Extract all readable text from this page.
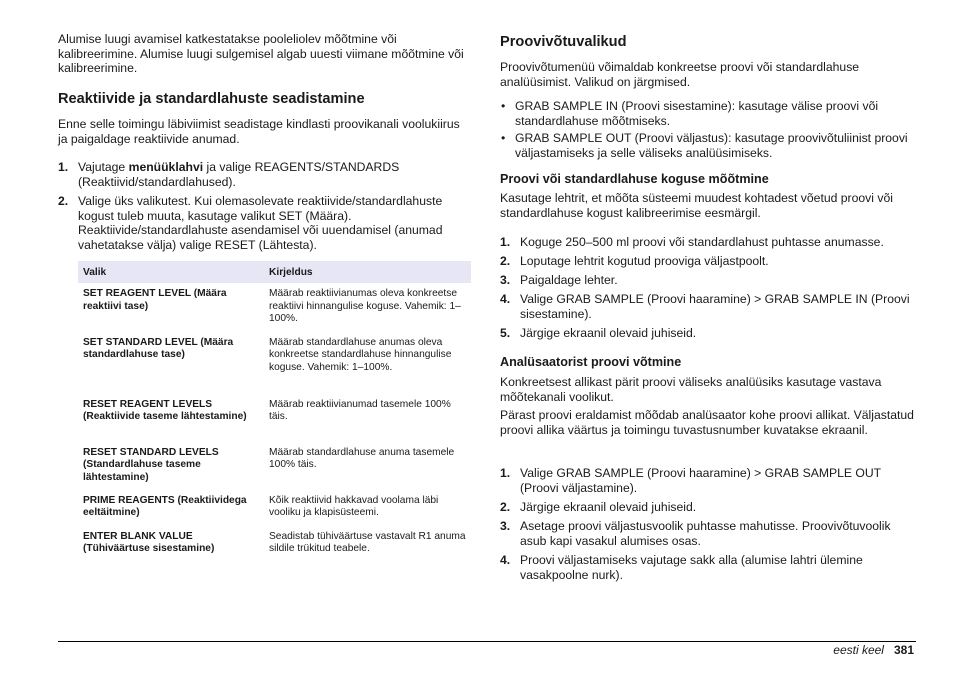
Alumise luugi avamisel katkestatakse pooleliolev mõõtmine või kalibreerimine. Alumise luugi sulgemisel algab uuesti viimane mõõtmine või kalibreerimine.

Reaktiivide ja standardlahuste seadistamine

Enne selle toimingu läbiviimist seadistage kindlasti proovikanali voolukiirus ja paigaldage reaktiivide anumad.

1. Vajutage menüüklahvi ja valige REAGENTS/STANDARDS (Reaktiivid/standardlahused).
2. Valige üks valikutest. Kui olemasolevate reaktiivide/standardlahuste kogust tuleb muuta, kasutage valikut SET (Määra). Reaktiivide/standardlahuste asendamisel või uuendamisel (anumad vahetatakse välja) valige RESET (Lähtesta).
Valik	Kirjeldus
SET REAGENT LEVEL (Määra reaktiivi tase)	Määrab reaktiivianumas oleva konkreetse reaktiivi hinnangulise koguse. Vahemik: 1–100%.
SET STANDARD LEVEL (Määra standardlahuse tase)	Määrab standardlahuse anumas oleva konkreetse standardlahuse hinnangulise koguse. Vahemik: 1–100%.
RESET REAGENT LEVELS (Reaktiivide taseme lähtestamine)	Määrab reaktiivianumad tasemele 100% täis.
RESET STANDARD LEVELS (Standardlahuse taseme lähtestamine)	Määrab standardlahuse anuma tasemele 100% täis.
PRIME REAGENTS (Reaktiividega eeltäitmine)	Kõik reaktiivid hakkavad voolama läbi vooliku ja klapisüsteemi.
ENTER BLANK VALUE (Tühiväärtuse sisestamine)	Seadistab tühiväärtuse vastavalt R1 anuma sildile trükitud teabele.
Proovivõtuvalikud

Proovivõtumenüü võimaldab konkreetse proovi või standardlahuse analüüsimist. Valikud on järgmised.

• GRAB SAMPLE IN (Proovi sisestamine): kasutage välise proovi või standardlahuse mõõtmiseks.
• GRAB SAMPLE OUT (Proovi väljastus): kasutage proovivõtuliinist proovi väljastamiseks ja selle väliseks analüüsimiseks.
Proovi või standardlahuse koguse mõõtmine

Kasutage lehtrit, et mõõta süsteemi muudest kohtadest võetud proovi või standardlahuse kogust kalibreerimise eesmärgil.

1. Koguge 250–500 ml proovi või standardlahust puhtasse anumasse.
2. Loputage lehtrit kogutud prooviga väljastpoolt.
3. Paigaldage lehter.
4. Valige GRAB SAMPLE (Proovi haaramine) > GRAB SAMPLE IN (Proovi sisestamine).
5. Järgige ekraanil olevaid juhiseid.
Analüsaatorist proovi võtmine

Konkreetsest allikast pärit proovi väliseks analüüsiks kasutage vastava mõõtekanali voolikut.

Pärast proovi eraldamist mõõdab analüsaator kohe proovi allikat. Väljastatud proovi allika väärtus ja toimingu tuvastusnumber kuvatakse ekraanil.

1. Valige GRAB SAMPLE (Proovi haaramine) > GRAB SAMPLE OUT (Proovi väljastamine).
2. Järgige ekraanil olevaid juhiseid.
3. Asetage proovi väljastusvoolik puhtasse mahutisse. Proovivõtuvoolik asub kapi vasakul alumises osas.
4. Proovi väljastamiseks vajutage sakk alla (alumise lahtri ülemine vasakpoolne nurk).
eesti keel 381
